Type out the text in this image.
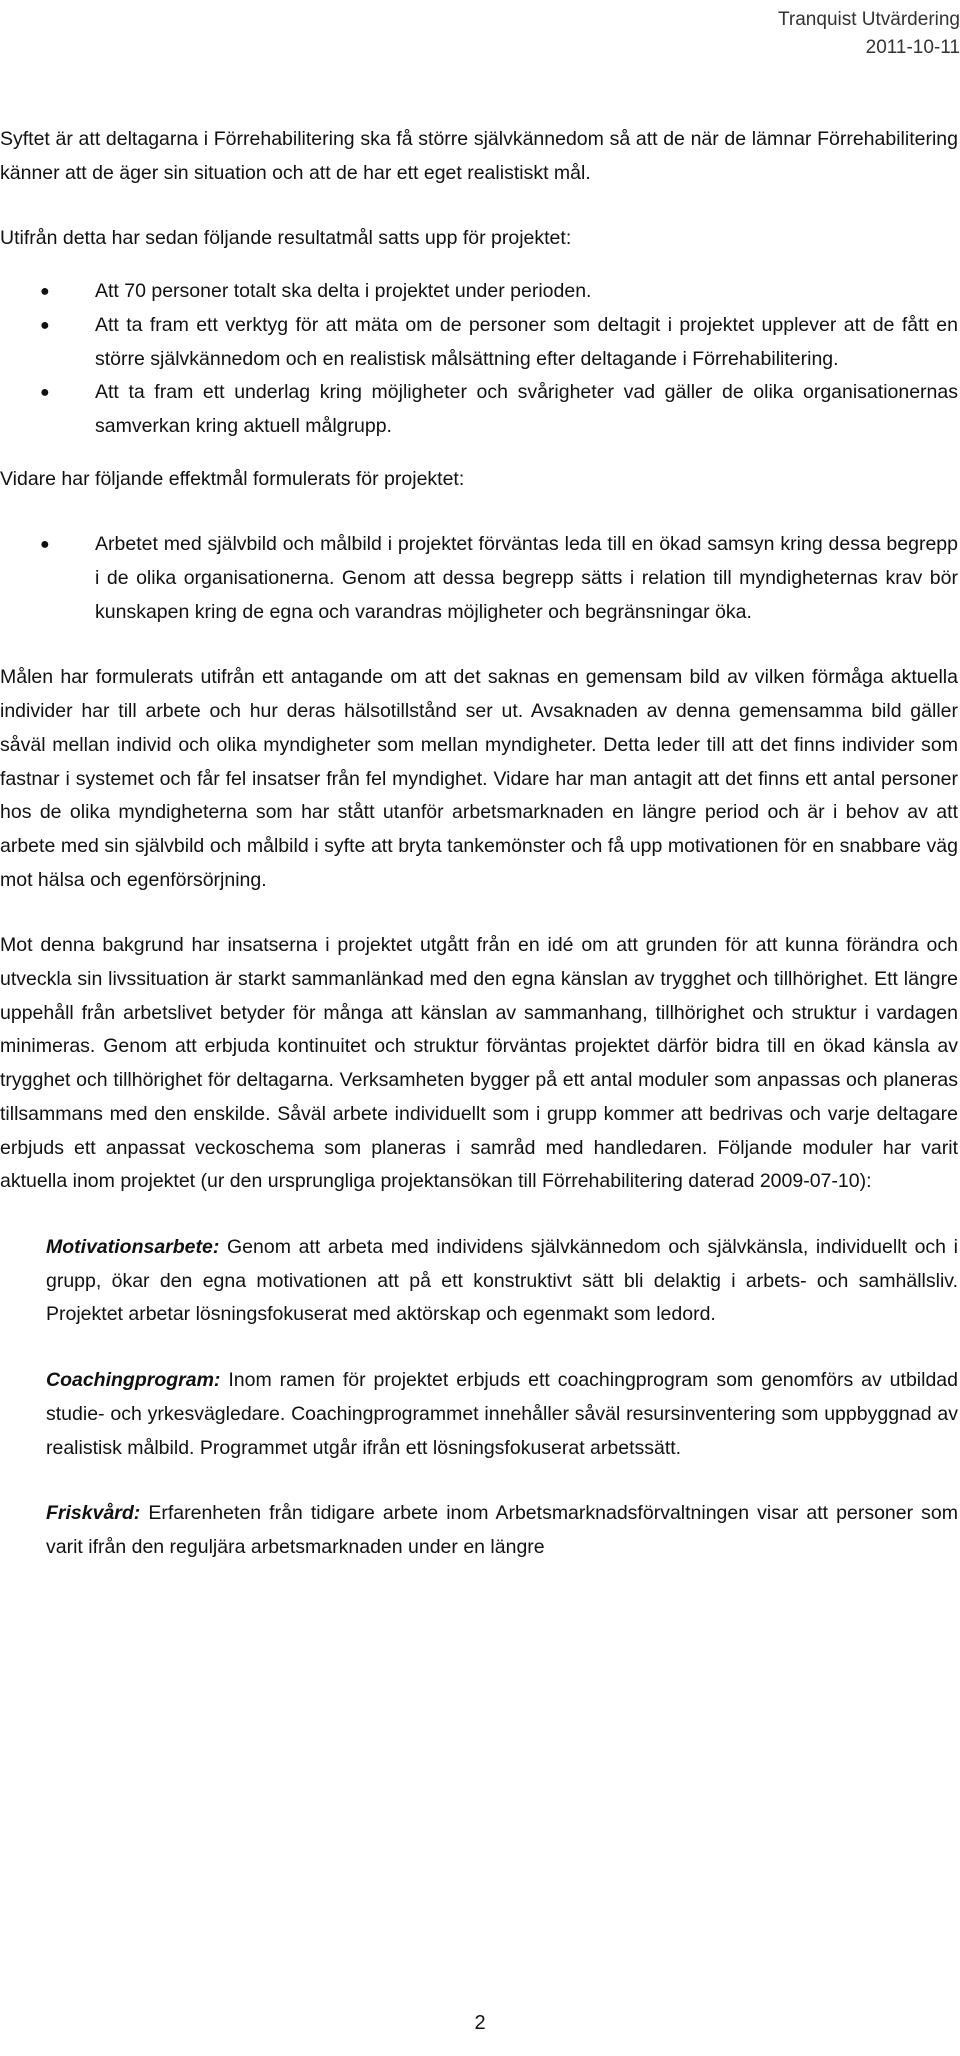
Tranquist Utvärdering
2011-10-11

Syftet är att deltagarna i Förrehabilitering ska få större självkännedom så att de när de lämnar Förrehabilitering känner att de äger sin situation och att de har ett eget realistiskt mål.

Utifrån detta har sedan följande resultatmål satts upp för projektet:

● Att 70 personer totalt ska delta i projektet under perioden.
● Att ta fram ett verktyg för att mäta om de personer som deltagit i projektet upplever att de fått en större självkännedom och en realistisk målsättning efter deltagande i Förrehabilitering.
● Att ta fram ett underlag kring möjligheter och svårigheter vad gäller de olika organisationernas samverkan kring aktuell målgrupp.

Vidare har följande effektmål formulerats för projektet:

● Arbetet med självbild och målbild i projektet förväntas leda till en ökad samsyn kring dessa begrepp i de olika organisationerna. Genom att dessa begrepp sätts i relation till myndigheternas krav bör kunskapen kring de egna och varandras möjligheter och begränsningar öka.

Målen har formulerats utifrån ett antagande om att det saknas en gemensam bild av vilken förmåga aktuella individer har till arbete och hur deras hälsotillstånd ser ut. Avsaknaden av denna gemensamma bild gäller såväl mellan individ och olika myndigheter som mellan myndigheter. Detta leder till att det finns individer som fastnar i systemet och får fel insatser från fel myndighet. Vidare har man antagit att det finns ett antal personer hos de olika myndigheterna som har stått utanför arbetsmarknaden en längre period och är i behov av att arbete med sin självbild och målbild i syfte att bryta tankemönster och få upp motivationen för en snabbare väg mot hälsa och egenförsörjning.

Mot denna bakgrund har insatserna i projektet utgått från en idé om att grunden för att kunna förändra och utveckla sin livssituation är starkt sammanlänkad med den egna känslan av trygghet och tillhörighet. Ett längre uppehåll från arbetslivet betyder för många att känslan av sammanhang, tillhörighet och struktur i vardagen minimeras. Genom att erbjuda kontinuitet och struktur förväntas projektet därför bidra till en ökad känsla av trygghet och tillhörighet för deltagarna. Verksamheten bygger på ett antal moduler som anpassas och planeras tillsammans med den enskilde. Såväl arbete individuellt som i grupp kommer att bedrivas och varje deltagare erbjuds ett anpassat veckoschema som planeras i samråd med handledaren. Följande moduler har varit aktuella inom projektet (ur den ursprungliga projektansökan till Förrehabilitering daterad 2009-07-10):

Motivationsarbete: Genom att arbeta med individens självkännedom och självkänsla, individuellt och i grupp, ökar den egna motivationen att på ett konstruktivt sätt bli delaktig i arbets- och samhällsliv. Projektet arbetar lösningsfokuserat med aktörskap och egenmakt som ledord.

Coachingprogram: Inom ramen för projektet erbjuds ett coachingprogram som genomförs av utbildad studie- och yrkesvägledare. Coachingprogrammet innehåller såväl resursinventering som uppbyggnad av realistisk målbild. Programmet utgår ifrån ett lösningsfokuserat arbetssätt.

Friskvård: Erfarenheten från tidigare arbete inom Arbetsmarknadsförvaltningen visar att personer som varit ifrån den reguljära arbetsmarknaden under en längre

2
